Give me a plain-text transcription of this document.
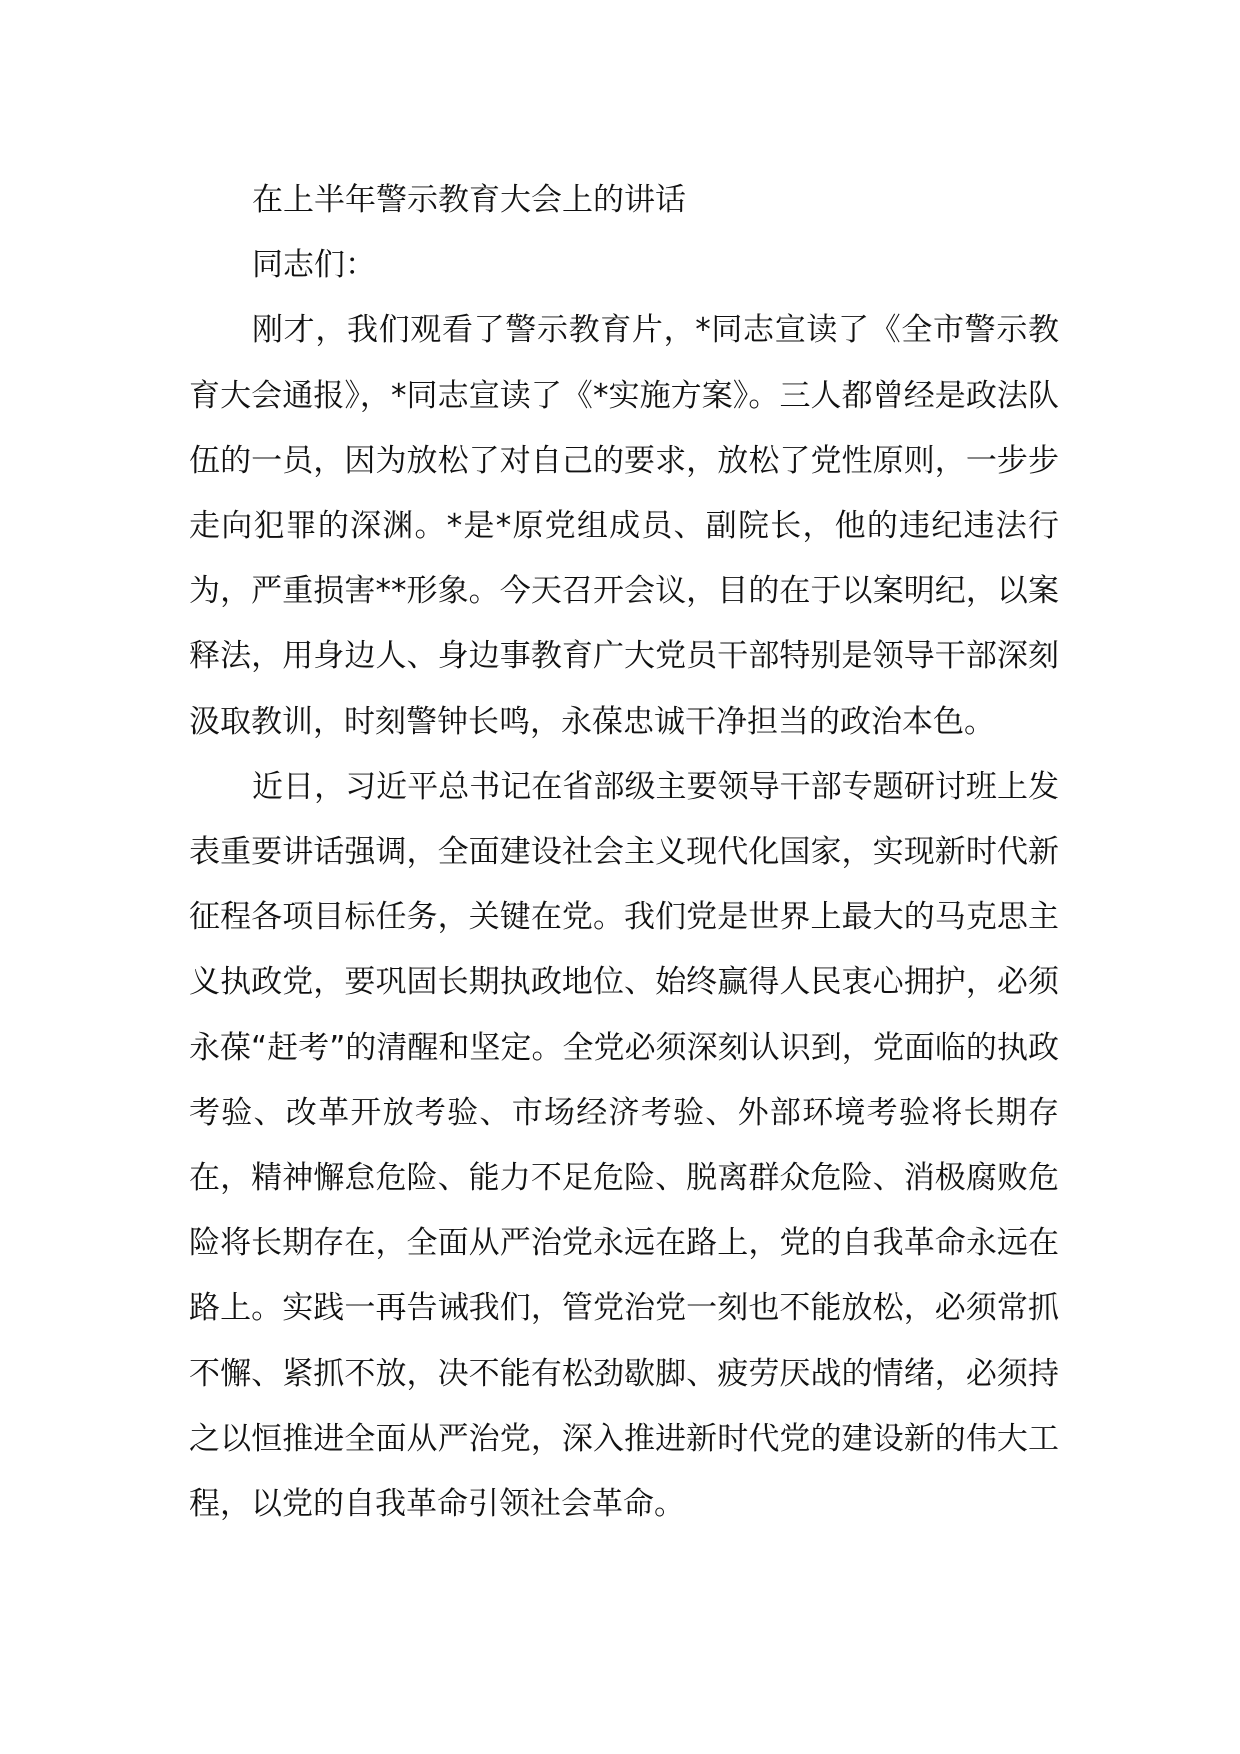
在上半年警示教育大会上的讲话

同志们：

刚才，我们观看了警示教育片，*同志宣读了《全市警示教育大会通报》，*同志宣读了《*实施方案》。三人都曾经是政法队伍的一员，因为放松了对自己的要求，放松了党性原则，一步步走向犯罪的深渊。*是*原党组成员、副院长，他的违纪违法行为，严重损害**形象。今天召开会议，目的在于以案明纪，以案释法，用身边人、身边事教育广大党员干部特别是领导干部深刻汲取教训，时刻警钟长鸣，永葆忠诚干净担当的政治本色。

近日，习近平总书记在省部级主要领导干部专题研讨班上发表重要讲话强调，全面建设社会主义现代化国家，实现新时代新征程各项目标任务，关键在党。我们党是世界上最大的马克思主义执政党，要巩固长期执政地位、始终赢得人民衷心拥护，必须永葆“赶考”的清醒和坚定。全党必须深刻认识到，党面临的执政考验、改革开放考验、市场经济考验、外部环境考验将长期存在，精神懈怠危险、能力不足危险、脱离群众危险、消极腐败危险将长期存在，全面从严治党永远在路上，党的自我革命永远在路上。实践一再告诫我们，管党治党一刻也不能放松，必须常抓不懈、紧抓不放，决不能有松劲歇脚、疲劳厌战的情绪，必须持之以恒推进全面从严治党，深入推进新时代党的建设新的伟大工程，以党的自我革命引领社会革命。
